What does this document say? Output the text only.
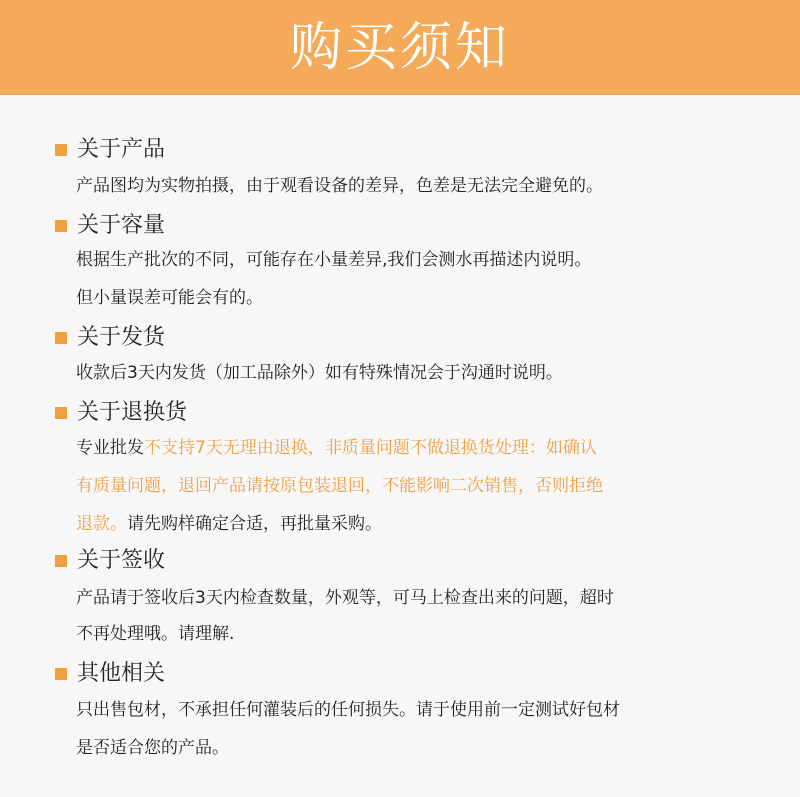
购买须知
关于产品
产品图均为实物拍摄，由于观看设备的差异，色差是无法完全避免的。
关于容量
根据生产批次的不同，可能存在小量差异,我们会测水再描述内说明。
但小量误差可能会有的。
关于发货
收款后3天内发货（加工品除外）如有特殊情况会于沟通时说明。
关于退换货
专业批发不支持7天无理由退换，非质量问题不做退换货处理：如确认
有质量问题，退回产品请按原包装退回，不能影响二次销售，否则拒绝
退款。请先购样确定合适，再批量采购。
关于签收
产品请于签收后3天内检查数量，外观等，可马上检查出来的问题，超时
不再处理哦。请理解.
其他相关
只出售包材，不承担任何灌装后的任何损失。请于使用前一定测试好包材
是否适合您的产品。
